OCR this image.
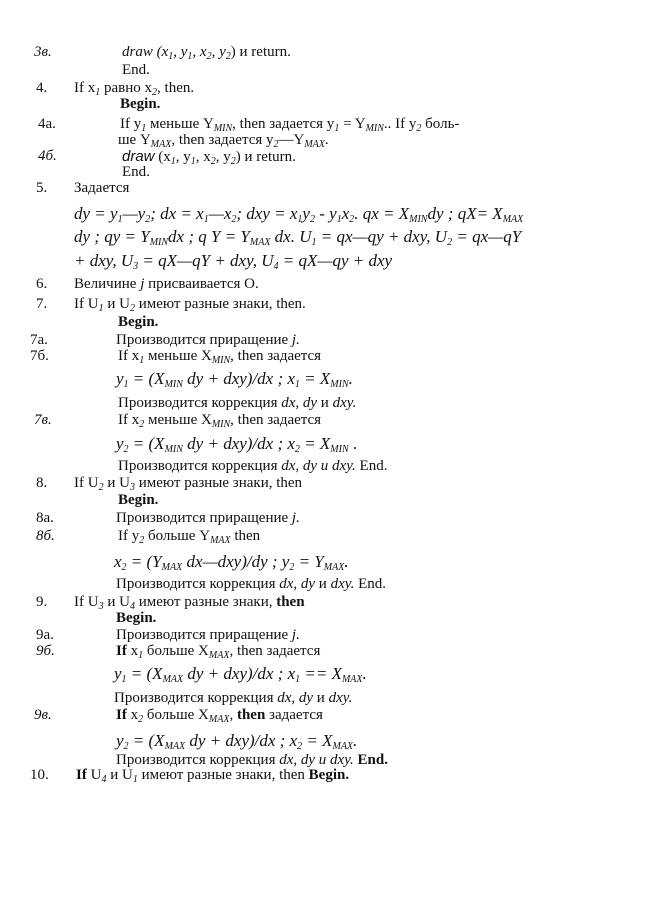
3в.	draw ($x_1$, $y_1$, $x_2$, $y_2$) и return.
End.
4. If $x_1$ равно $x_2$, then.
Begin.
4а.	If $y_1$ меньше $Y_{MIN}$, then задается $y_1 = Y_{MIN}$.. If $y_2$ боль-
ше $Y_{MAX}$, then задается $y_2—Y_{MAX}$.
4б.	draw ($x_1$, $y_1$, $x_2$, $y_2$) и return.
End.
5. Задается
dy = $y_1—y_2$; dx = $x_1—x_2$; dxy = $x_1y_2 - y_1x_2$. qx = $X_{MIN}dy$ ; $qX= X_{MAX}$
dy ; qy = $Y_{MIN}dx$ ; q $Y = Y_{MAX}$ dx. $U_1$ = qx—qy + dxy, $U_2$ = qx—qY
+ dxy, $U_3$ = qX—qY + dxy, $U_4$ = qX—qy + dxy
6. Величине j присваивается О.
7. If $U_1$ и $U_2$ имеют разные знаки, then.
Begin.
7а.	Производится приращение j.
7б.	If $x_1$ меньше $X_{MIN}$, then задается
$y_1 = (X_{MIN}$ dy + dxy)/dx ; $x_1 = X_{MIN}$.
Производится коррекция dx, dy и dxy.
7в.	If $x_2$ меньше $X_{MIN}$, then задается
$y_2 = (X_{MIN}$ dy + dxy)/dx ; $x_2 = X_{MIN}$ .
Производится коррекция dx, dy и dxy. End.
8. If $U_2$ и $U_3$ имеют разные знаки, then
Begin.
8а.	Производится приращение j.
8б.	If $y_2$ больше $Y_{MAX}$ then
$x_2 = (Y_{MAX}$ dx—dxy)/dy ; $y_2 = Y_{MAX}$.
Производится коррекция dx, dy и dxy. End.
9. If $U_3$ и $U_4$ имеют разные знаки, then
Begin.
9а.	Производится приращение j.
9б.	If $x_1$ больше $X_{MAX}$, then задается
$y_1 = (X_{MAX}$ dy + dxy)/dx ; $x_1 == X_{MAX}$.
Производится коррекция dx, dy и dxy.
9в.	If $x_2$ больше $X_{MAX}$, then задается
$y_2 = (X_{MAX}$ dy + dxy)/dx ; $x_2 = X_{MAX}$.
Производится коррекция dx, dy и dxy. End.
10. If $U_4$ и $U_1$ имеют разные знаки, then Begin.
